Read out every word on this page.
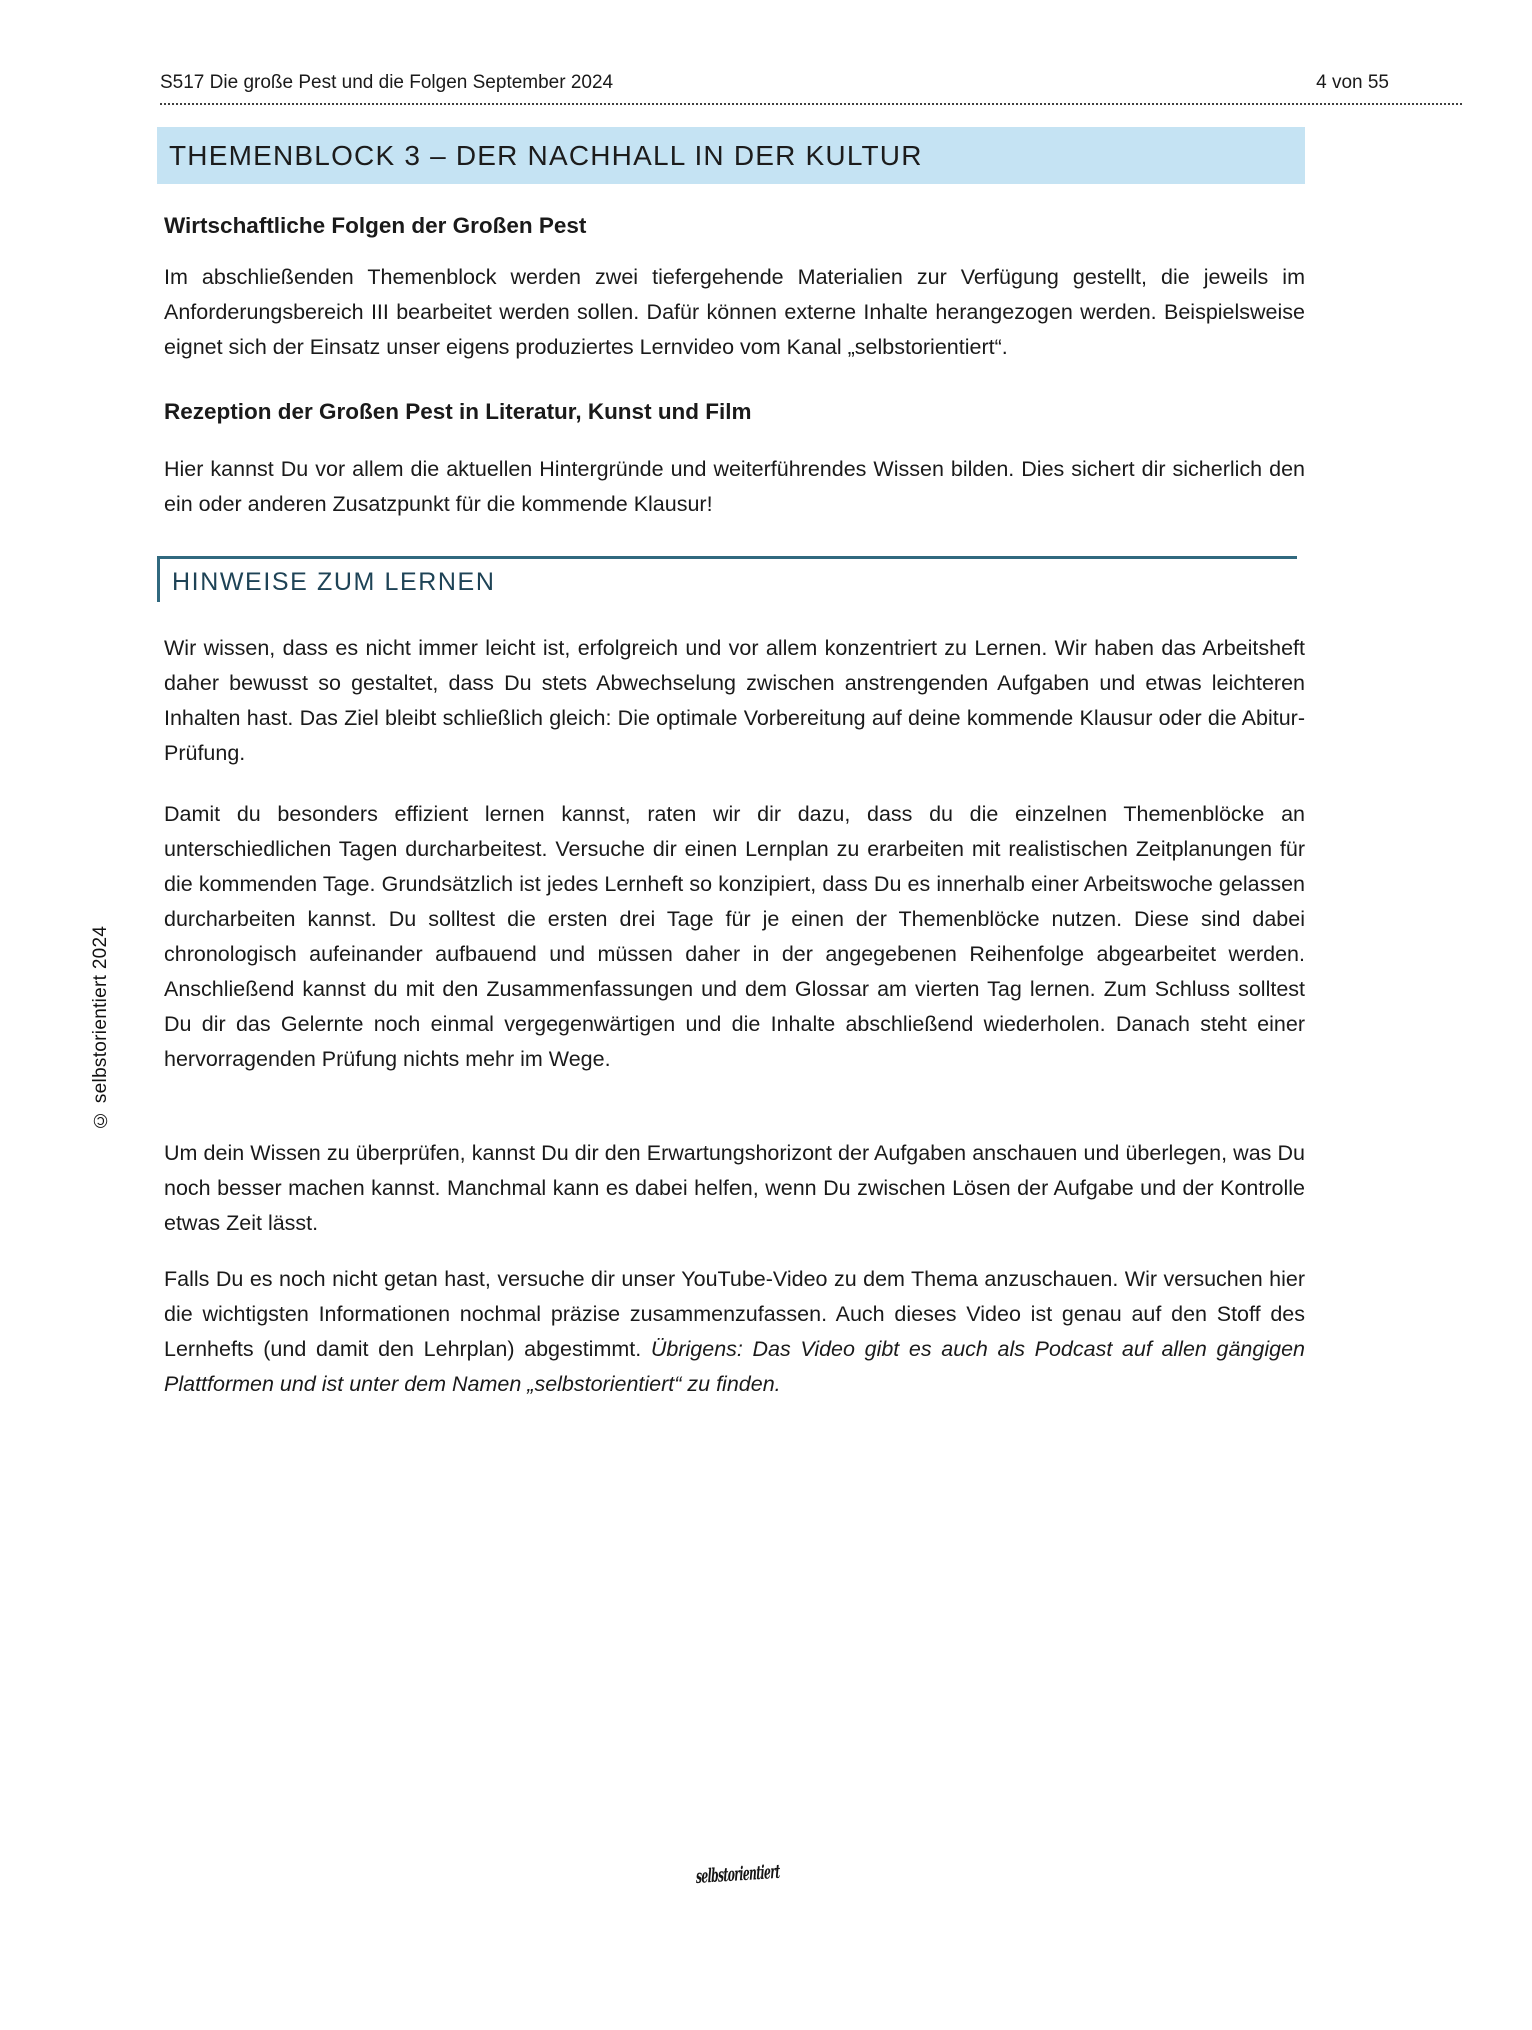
S517 Die große Pest und die Folgen September 2024	4 von 55
THEMENBLOCK 3 – DER NACHHALL IN DER KULTUR
Wirtschaftliche Folgen der Großen Pest

Im abschließenden Themenblock werden zwei tiefergehende Materialien zur Verfügung gestellt, die jeweils im Anforderungsbereich III bearbeitet werden sollen. Dafür können externe Inhalte herangezogen werden. Beispielsweise eignet sich der Einsatz unser eigens produziertes Lernvideo vom Kanal „selbstorientiert“.

Rezeption der Großen Pest in Literatur, Kunst und Film

Hier kannst Du vor allem die aktuellen Hintergründe und weiterführendes Wissen bilden. Dies sichert dir sicherlich den ein oder anderen Zusatzpunkt für die kommende Klausur!

HINWEISE ZUM LERNEN

Wir wissen, dass es nicht immer leicht ist, erfolgreich und vor allem konzentriert zu Lernen. Wir haben das Arbeitsheft daher bewusst so gestaltet, dass Du stets Abwechselung zwischen anstrengenden Aufgaben und etwas leichteren Inhalten hast. Das Ziel bleibt schließlich gleich: Die optimale Vorbereitung auf deine kommende Klausur oder die Abitur-Prüfung.

Damit du besonders effizient lernen kannst, raten wir dir dazu, dass du die einzelnen Themenblöcke an unterschiedlichen Tagen durcharbeitest. Versuche dir einen Lernplan zu erarbeiten mit realistischen Zeitplanungen für die kommenden Tage. Grundsätzlich ist jedes Lernheft so konzipiert, dass Du es innerhalb einer Arbeitswoche gelassen durcharbeiten kannst. Du solltest die ersten drei Tage für je einen der Themenblöcke nutzen. Diese sind dabei chronologisch aufeinander aufbauend und müssen daher in der angegebenen Reihenfolge abgearbeitet werden. Anschließend kannst du mit den Zusammenfassungen und dem Glossar am vierten Tag lernen. Zum Schluss solltest Du dir das Gelernte noch einmal vergegenwärtigen und die Inhalte abschließend wiederholen. Danach steht einer hervorragenden Prüfung nichts mehr im Wege.

Um dein Wissen zu überprüfen, kannst Du dir den Erwartungshorizont der Aufgaben anschauen und überlegen, was Du noch besser machen kannst. Manchmal kann es dabei helfen, wenn Du zwischen Lösen der Aufgabe und der Kontrolle etwas Zeit lässt.

Falls Du es noch nicht getan hast, versuche dir unser YouTube-Video zu dem Thema anzuschauen. Wir versuchen hier die wichtigsten Informationen nochmal präzise zusammenzufassen. Auch dieses Video ist genau auf den Stoff des Lernhefts (und damit den Lehrplan) abgestimmt. Übrigens: Das Video gibt es auch als Podcast auf allen gängigen Plattformen und ist unter dem Namen „selbstorientiert“ zu finden.

© selbstorientiert 2024
selbstorientiert
